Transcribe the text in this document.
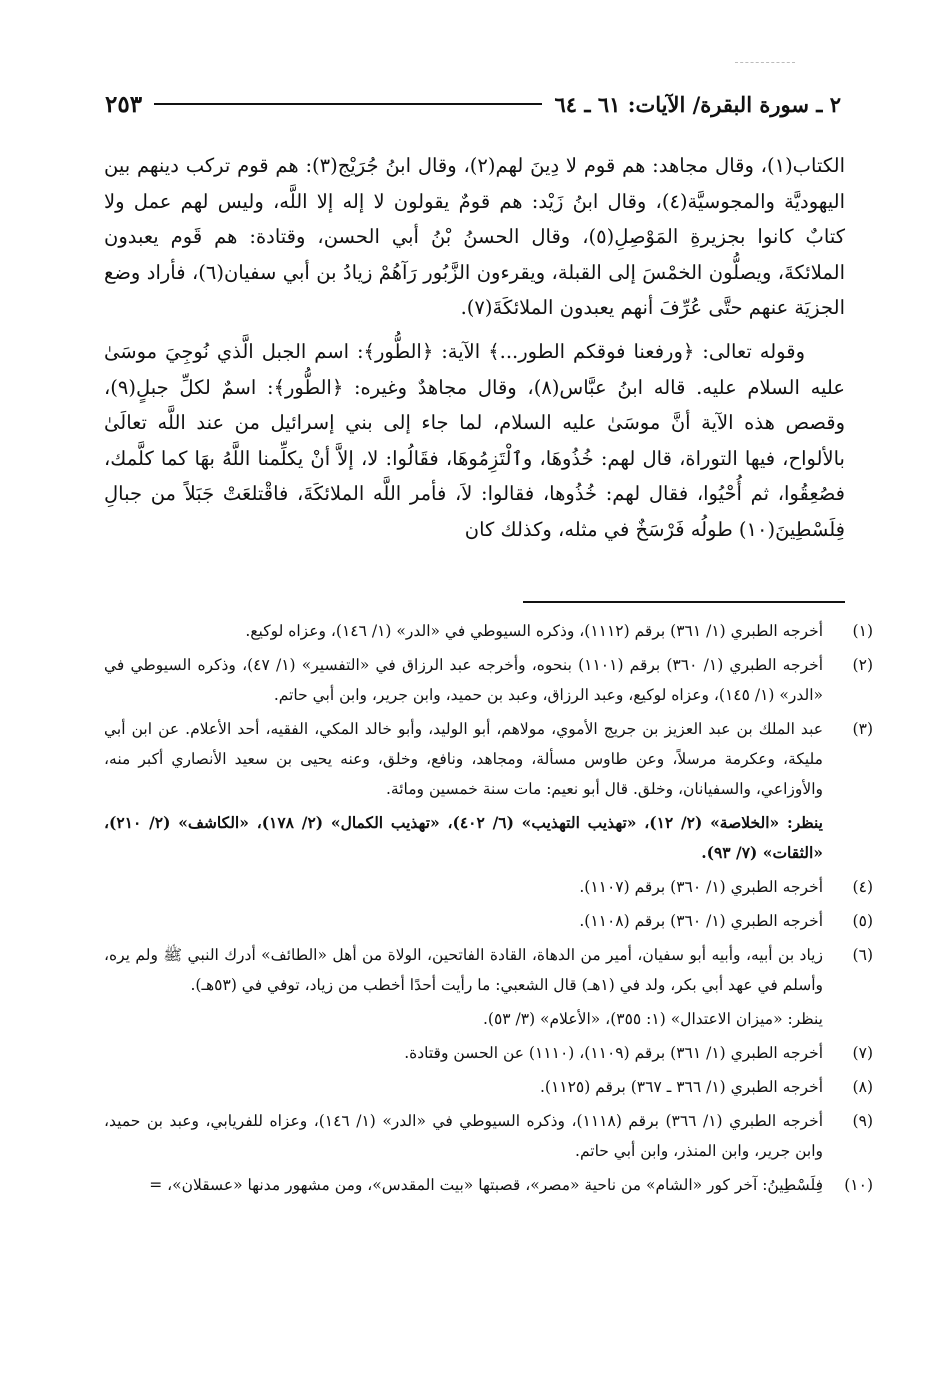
٢ ـ سورة البقرة/ الآيات: ٦١ ـ ٦٤
٢٥٣

الكتاب(١)، وقال مجاهد: هم قوم لا دِينَ لهم(٢)، وقال ابنُ جُرَيْج(٣): هم قوم تركب دينهم بين اليهوديَّة والمجوسيَّة(٤)، وقال ابنُ زَيْد: هم قومٌ يقولون لا إله إلا اللَّه، وليس لهم عمل ولا كتابٌ كانوا بجزيرةِ المَوْصِلِ(٥)، وقال الحسنُ بْنُ أبي الحسن، وقتادة: هم قَوم يعبدون الملائكةَ، ويصلُّون الخمْسَ إلى القبلة، ويقرءون الزَّبُور رَآهُمْ زيادُ بن أبي سفيان(٦)، فأراد وضع الجزيَة عنهم حتَّى عُرِّفَ أنهم يعبدون الملائكَةَ(٧).

وقوله تعالى: ﴿ورفعنا فوقكم الطور...﴾ الآية: ﴿الطُّور﴾: اسم الجبل الَّذي نُوجِيَ موسَىٰ عليه السلام عليه. قاله ابنُ عبَّاس(٨)، وقال مجاهدٌ وغيره: ﴿الطُّور﴾: اسمٌ لكلِّ جبلٍ(٩)، وقصص هذه الآية أنَّ موسَىٰ عليه السلام، لما جاء إلى بني إسرائيل من عند اللَّه تعالَىٰ بالألواح، فيها التوراة، قال لهم: خُذُوهَا، وٱلْتَزِمُوهَا، فقَالُوا: لا، إلاَّ أنْ يكلِّمنا اللَّهُ بهَا كما كلَّمك، فصُعِقُوا، ثم أُحْيُوا، فقال لهم: خُذُوها، فقالوا: لاَ، فأمر اللَّه الملائكَةَ، فاقْتلعَتْ جَبَلاً من جبالِ فِلَسْطِينَ(١٠) طولُه فَرْسَخٌ في مثله، وكذلك كان

(١)
أخرجه الطبري (١/ ٣٦١) برقم (١١١٢)، وذكره السيوطي في «الدر» (١/ ١٤٦)، وعزاه لوكيع.
(٢)
أخرجه الطبري (١/ ٣٦٠) برقم (١١٠١) بنحوه، وأخرجه عبد الرزاق في «التفسير» (١/ ٤٧)، وذكره السيوطي في «الدر» (١/ ١٤٥)، وعزاه لوكيع، وعبد الرزاق، وعبد بن حميد، وابن جرير، وابن أبي حاتم.
(٣)
عبد الملك بن عبد العزيز بن جريج الأموي، مولاهم، أبو الوليد، وأبو خالد المكي، الفقيه، أحد الأعلام. عن ابن أبي مليكة، وعكرمة مرسلاً، وعن طاوس مسألة، ومجاهد، ونافع، وخلق، وعنه يحيى بن سعيد الأنصاري أكبر منه، والأوزاعي، والسفيانان، وخلق. قال أبو نعيم: مات سنة خمسين ومائة.
ينظر: «الخلاصة» (٢/ ١٢)، «تهذيب التهذيب» (٦/ ٤٠٢)، «تهذيب الكمال» (٢/ ١٧٨)، «الكاشف» (٢/ ٢١٠)، «الثقات» (٧/ ٩٣).
(٤)
أخرجه الطبري (١/ ٣٦٠) برقم (١١٠٧).
(٥)
أخرجه الطبري (١/ ٣٦٠) برقم (١١٠٨).
(٦)
زياد بن أبيه، وأبيه أبو سفيان، أمير من الدهاة، القادة الفاتحين، الولاة من أهل «الطائف» أدرك النبي ﷺ ولم يره، وأسلم في عهد أبي بكر، ولد في (١هـ) قال الشعبي: ما رأيت أحدًا أخطب من زياد، توفي في (٥٣هـ).
ينظر: «ميزان الاعتدال» (١: ٣٥٥)، «الأعلام» (٣/ ٥٣).
(٧)
أخرجه الطبري (١/ ٣٦١) برقم (١١٠٩)، (١١١٠) عن الحسن وقتادة.
(٨)
أخرجه الطبري (١/ ٣٦٦ ـ ٣٦٧) برقم (١١٢٥).
(٩)
أخرجه الطبري (١/ ٣٦٦) برقم (١١١٨)، وذكره السيوطي في «الدر» (١/ ١٤٦)، وعزاه للفريابي، وعبد بن حميد، وابن جرير، وابن المنذر، وابن أبي حاتم.
(١٠)
فِلَسْطِينُ: آخر كور «الشام» من ناحية «مصر»، قصبتها «بيت المقدس»، ومن مشهور مدنها «عسقلان»، =
